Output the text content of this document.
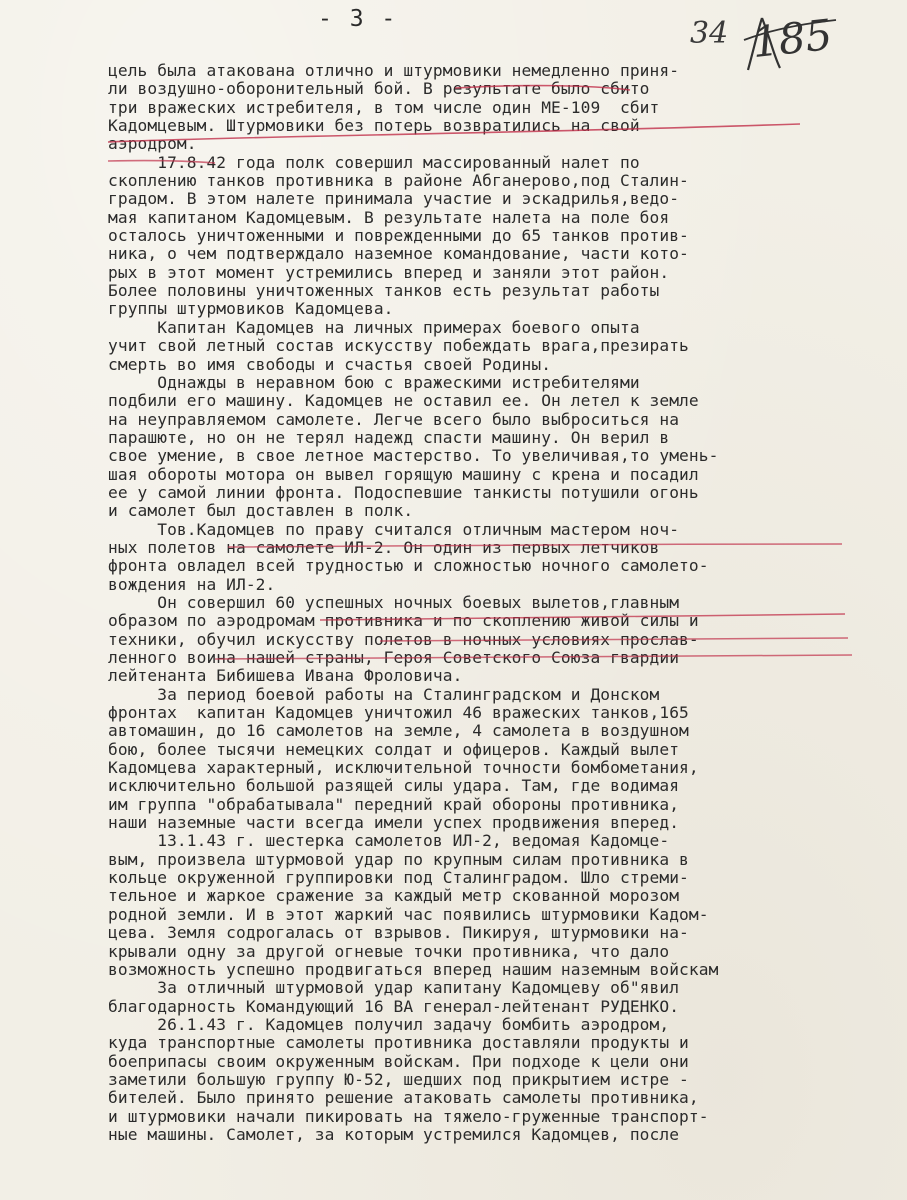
- 3 -	34 185
цель была атакована отлично и штурмовики немедленно приня-
ли воздушно-оборонительный бой. В результате было сбито
три вражеских истребителя, в том числе один МЕ-109  сбит
Кадомцевым. Штурмовики без потерь возвратились на свой
аэродром.
17.8.42 года полк совершил массированный налет по
скоплению танков противника в районе Абганерово,под Сталин-
градом. В этом налете принимала участие и эскадрилья,ведо-
мая капитаном Кадомцевым. В результате налета на поле боя
осталось уничтоженными и поврежденными до 65 танков против-
ника, о чем подтверждало наземное командование, части кото-
рых в этот момент устремились вперед и заняли этот район.
Более половины уничтоженных танков есть результат работы
группы штурмовиков Кадомцева.
Капитан Кадомцев на личных примерах боевого опыта
учит свой летный состав искусству побеждать врага,презирать
смерть во имя свободы и счастья своей Родины.
Однажды в неравном бою с вражескими истребителями
подбили его машину. Кадомцев не оставил ее. Он летел к земле
на неуправляемом самолете. Легче всего было выброситься на
парашюте, но он не терял надежд спасти машину. Он верил в
свое умение, в свое летное мастерство. То увеличивая,то умень-
шая обороты мотора он вывел горящую машину с крена и посадил
ее у самой линии фронта. Подоспевшие танкисты потушили огонь
и самолет был доставлен в полк.
Тов.Кадомцев по праву считался отличным мастером ноч-
ных полетов на самолете ИЛ-2. Он один из первых летчиков
фронта овладел всей трудностью и сложностью ночного самолето-
вождения на ИЛ-2.
Он совершил 60 успешных ночных боевых вылетов,главным
образом по аэродромам противника и по скоплению живой силы и
техники, обучил искусству полетов в ночных условиях прослав-
ленного воина нашей страны, Героя Советского Союза гвардии
лейтенанта Бибишева Ивана Фроловича.
За период боевой работы на Сталинградском и Донском
фронтах  капитан Кадомцев уничтожил 46 вражеских танков,165
автомашин, до 16 самолетов на земле, 4 самолета в воздушном
бою, более тысячи немецких солдат и офицеров. Каждый вылет
Кадомцева характерный, исключительной точности бомбометания,
исключительно большой разящей силы удара. Там, где водимая
им группа "обрабатывала" передний край обороны противника,
наши наземные части всегда имели успех продвижения вперед.
13.1.43 г. шестерка самолетов ИЛ-2, ведомая Кадомце-
вым, произвела штурмовой удар по крупным силам противника в
кольце окруженной группировки под Сталинградом. Шло стреми-
тельное и жаркое сражение за каждый метр скованной морозом
родной земли. И в этот жаркий час появились штурмовики Кадом-
цева. Земля содрогалась от взрывов. Пикируя, штурмовики на-
крывали одну за другой огневые точки противника, что дало
возможность успешно продвигаться вперед нашим наземным войскам
За отличный штурмовой удар капитану Кадомцеву об"явил
благодарность Командующий 16 ВА генерал-лейтенант РУДЕНКО.
26.1.43 г. Кадомцев получил задачу бомбить аэродром,
куда транспортные самолеты противника доставляли продукты и
боеприпасы своим окруженным войскам. При подходе к цели они
заметили большую группу Ю-52, шедших под прикрытием истре -
бителей. Было принято решение атаковать самолеты противника,
и штурмовики начали пикировать на тяжело-груженные транспорт-
ные машины. Самолет, за которым устремился Кадомцев, после
